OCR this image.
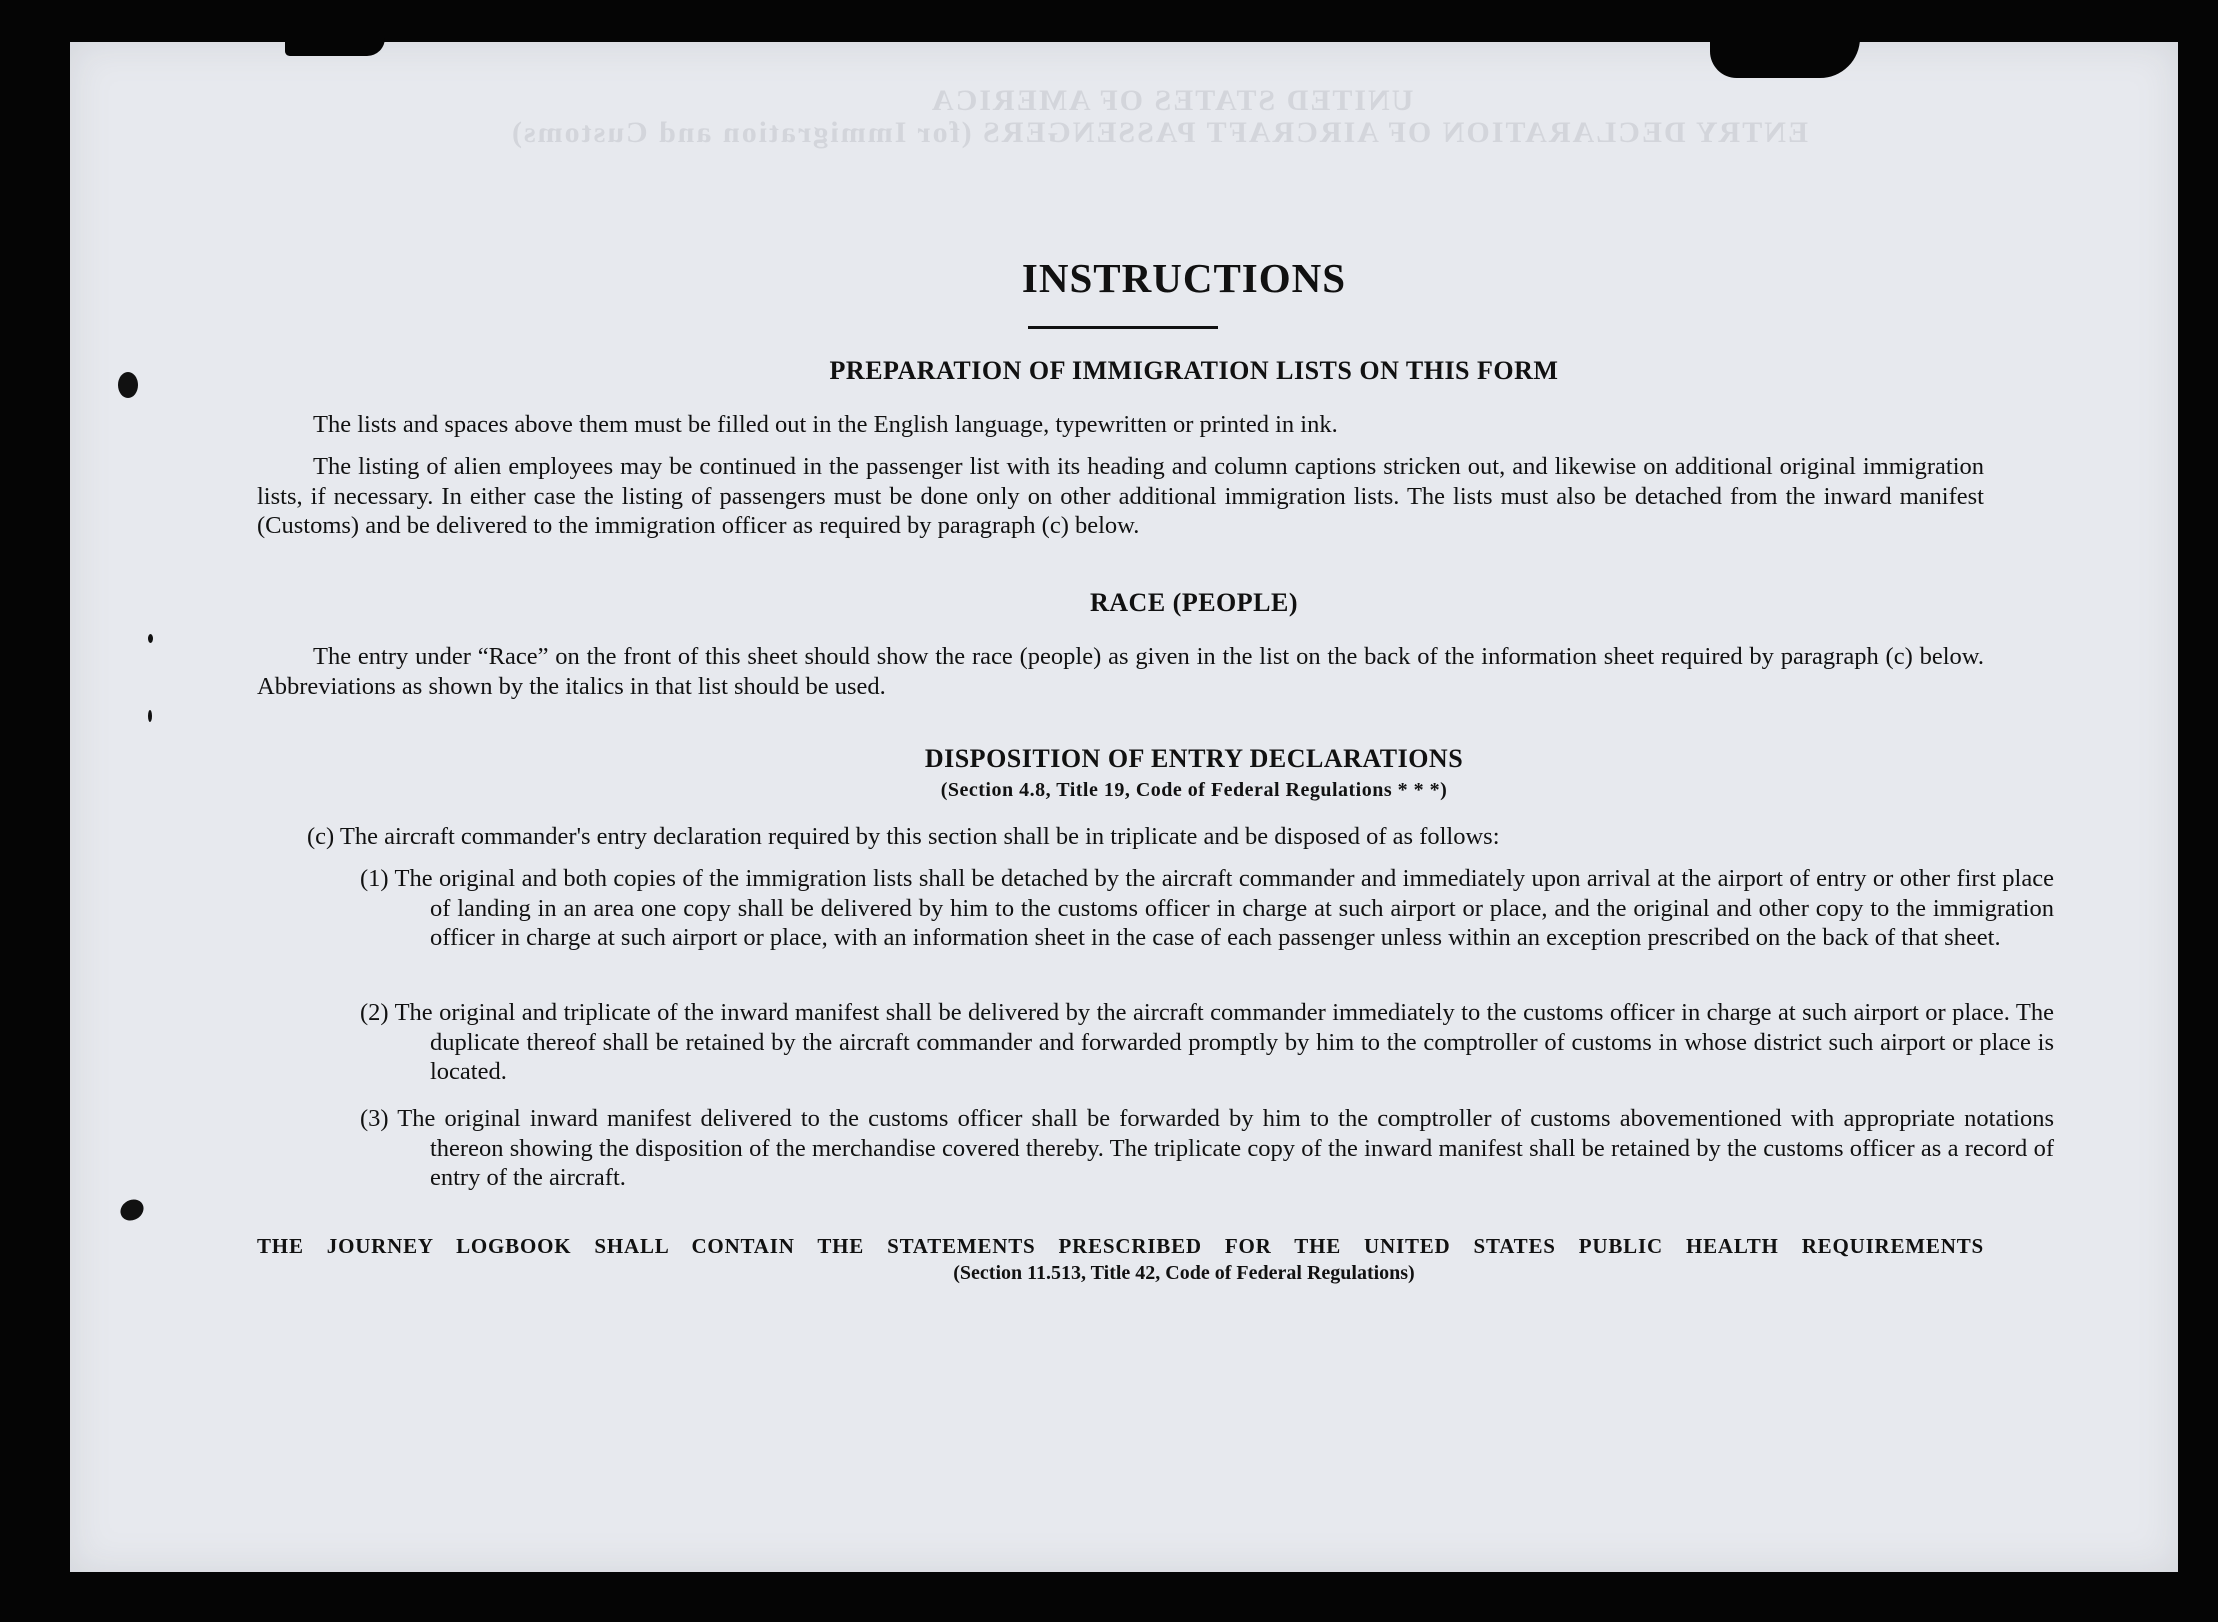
UNITED STATES OF AMERICA
ENTRY DECLARATION OF AIRCRAFT PASSENGERS (for Immigration and Customs)
INSTRUCTIONS
PREPARATION OF IMMIGRATION LISTS ON THIS FORM
The lists and spaces above them must be filled out in the English language, typewritten or printed in ink.
The listing of alien employees may be continued in the passenger list with its heading and column captions stricken out, and likewise on additional original immigration lists, if necessary. In either case the listing of passengers must be done only on other additional immigration lists. The lists must also be detached from the inward manifest (Customs) and be delivered to the immigration officer as required by paragraph (c) below.
RACE (PEOPLE)
The entry under “Race” on the front of this sheet should show the race (people) as given in the list on the back of the information sheet required by paragraph (c) below. Abbreviations as shown by the italics in that list should be used.
DISPOSITION OF ENTRY DECLARATIONS
(Section 4.8, Title 19, Code of Federal Regulations * * *)
(c) The aircraft commander's entry declaration required by this section shall be in triplicate and be disposed of as follows:
(1) The original and both copies of the immigration lists shall be detached by the aircraft commander and immediately upon arrival at the airport of entry or other first place of landing in an area one copy shall be delivered by him to the customs officer in charge at such airport or place, and the original and other copy to the immigration officer in charge at such airport or place, with an information sheet in the case of each passenger unless within an exception prescribed on the back of that sheet.
(2) The original and triplicate of the inward manifest shall be delivered by the aircraft commander immediately to the customs officer in charge at such airport or place. The duplicate thereof shall be retained by the aircraft commander and forwarded promptly by him to the comptroller of customs in whose district such airport or place is located.
(3) The original inward manifest delivered to the customs officer shall be forwarded by him to the comptroller of customs abovementioned with appropriate notations thereon showing the disposition of the merchandise covered thereby. The triplicate copy of the inward manifest shall be retained by the customs officer as a record of entry of the aircraft.
THE JOURNEY LOGBOOK SHALL CONTAIN THE STATEMENTS PRESCRIBED FOR THE UNITED STATES PUBLIC HEALTH REQUIREMENTS
(Section 11.513, Title 42, Code of Federal Regulations)
